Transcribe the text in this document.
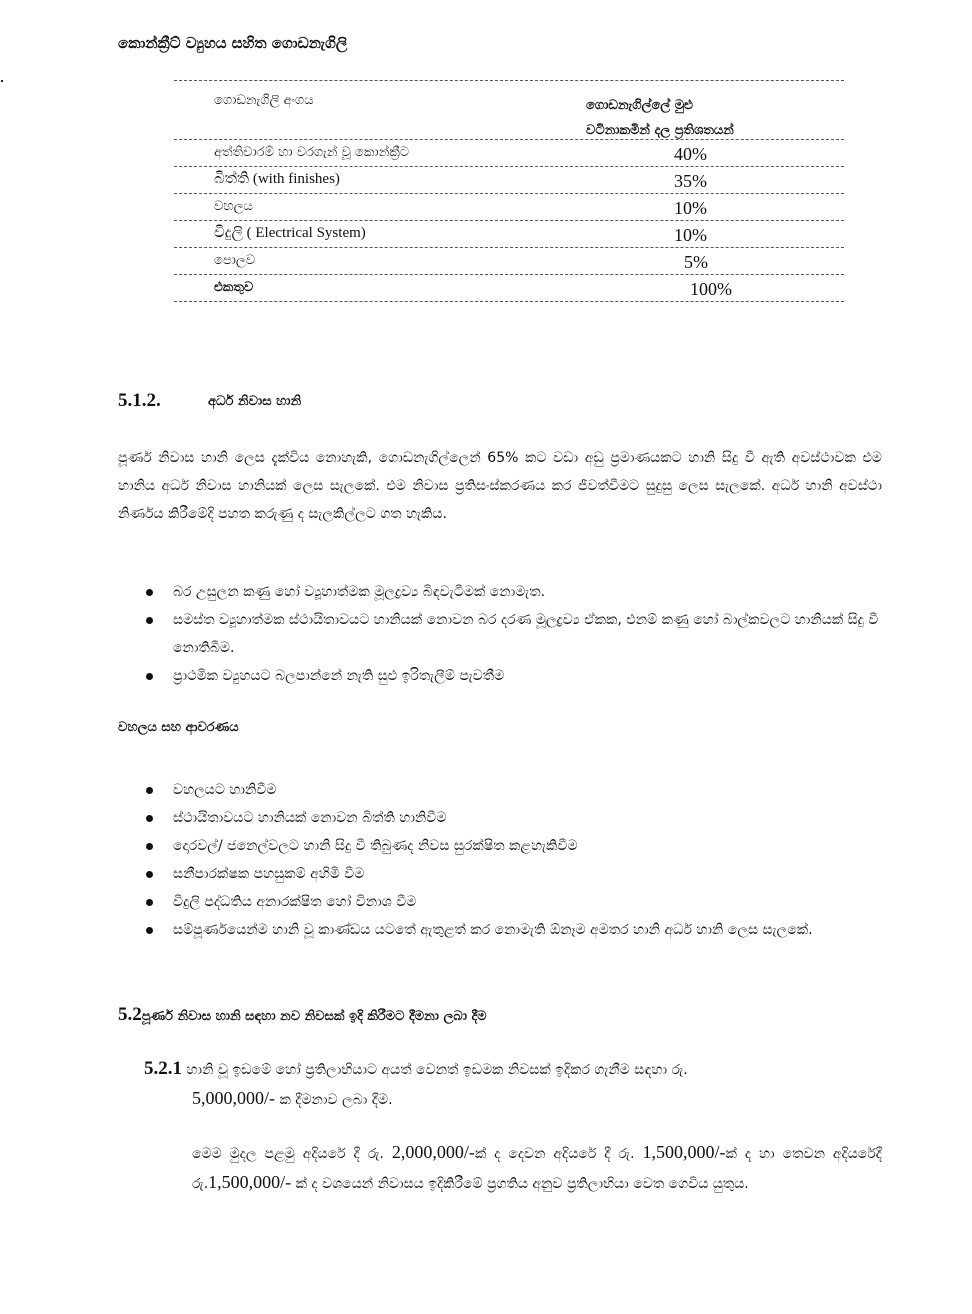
කොන්ක්‍රීට් ව්‍යුහය සහිත ගොඩනැගිලි
ගොඩනැගිලි අංගය	ගොඩනැගිල්ලේ මුළු
වටිනාකමින් දල ප්‍රතිශතයන්
අත්තිවාරම් හා වරගැන් වූ කොන්ක්‍රීට	40%
බිත්ති (with finishes)	35%
වහලය	10%
විදුලි ( Electrical System)	10%
පොලව	5%
එකතුව	100%
5.1.2.	අර්ධ නිවාස හානි
පූර්ණ නිවාස හානි ලෙස දැක්විය නොහැකි, ගොඩනැගිල්ලෙන් 65% කට වඩා අඩු ප්‍රමාණයකට හානි සිදු වී ඇති අවස්ථාවක එම හානිය අර්ධ නිවාස හානියක් ලෙස සැලකේ. එම නිවාස ප්‍රතිසංස්කරණය කර ජීවත්වීමට සුදුසු ලෙස සැලකේ. අර්ධ හානි අවස්ථා නිර්ණය කිරීමේදි පහත කරුණු ද සැලකිල්ලට ගත හැකිය.
බර උසුලන කණු හෝ ව්‍යූහාත්මක මූලද්‍රව්‍ය බිඳවැටීමක් නොමැත.
සමස්ත ව්‍යූහාත්මක ස්ථායිතාවයට හානියක් නොවන බර දරණ මූලද්‍රව්‍ය ඒකක, එනම් කණු හෝ බාල්කවලට හානියක් සිදු වී නොතිබීම.
ප්‍රාථමික ව්‍යුහයට බලපාන්නේ නැති සුළු ඉරිතැලීම් පැවතීම
වහලය සහ ආවරණය
වහලයට හානිවීම
ස්ථායිතාවයට හානියක් නොවන බිත්ති හානිවීම
දොරවල්/ ජනෙල්වලට හානි සිදු වී තිබුණද නිවස සුරක්ෂිත කළහැකිවීම
සනීපාරක්ෂක පහසුකම් අහිමි වීම
විදුලි පද්ධතිය අනාරක්ෂිත හෝ විනාශ වීම
සම්පූර්ණයෙන්ම හානි වූ කාණ්ඩය යටතේ ඇතුළත් කර නොමැති ඕනෑම අමතර හානි අර්ධ හානි ලෙස සැලකේ.
5.2පූර්ණ නිවාස හානි සඳහා නව නිවසක් ඉදි කිරීමට දීමනා ලබා දීම
5.2.1 හානි වූ ඉඩමේ හෝ ප්‍රතිලාභියාට අයත් වෙනත් ඉඩමක නිවසක් ඉදිකර ගැනීම සඳහා රු.
5,000,000/- ක දීමනාව ලබා දීම.
මෙම මුදල පළමු අදියරේ දී රු. 2,000,000/-ක් ද දෙවන අදියරේ දී රු. 1,500,000/-ක් ද හා තෙවන අදියරේදී රු.1,500,000/- ක් ද වශයෙන් නිවාසය ඉදිකිරීමේ ප්‍රගතිය අනුව ප්‍රතිලාභියා වෙත ගෙවිය යුතුය.
